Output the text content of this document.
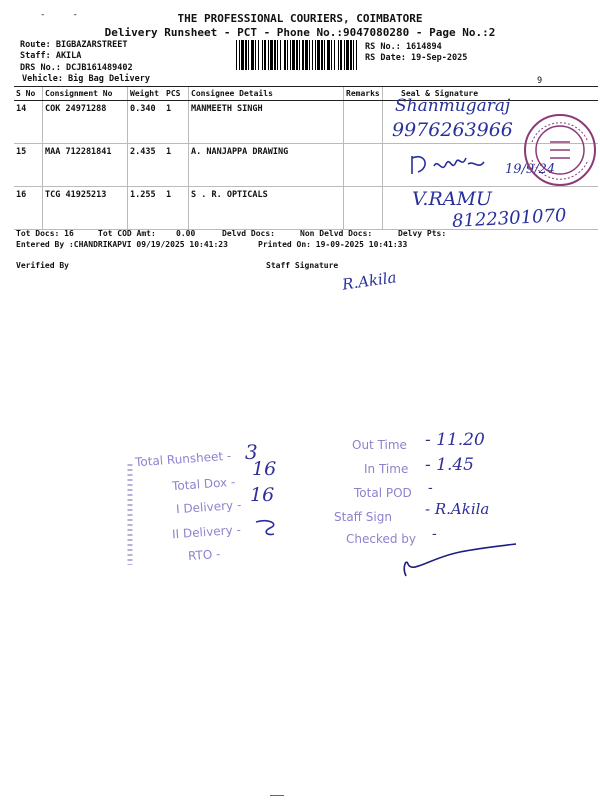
-     -	THE PROFESSIONAL COURIERS, COIMBATORE
Delivery Runsheet - PCT - Phone No.:9047080280 - Page No.:2
Route: BIGBAZARSTREET
Staff: AKILA
DRS No.: DCJB161489402
Vehicle: Big Bag Delivery
RS No.: 1614894
RS Date: 19-Sep-2025
9
S No	Consignment No	Weight	PCS	Consignee Details	Remarks	Seal & Signature
14	COK 24971288	0.340	1	MANMEETH SINGH		
15	MAA 712281841	2.435	1	A. NANJAPPA DRAWING		
16	TCG 41925213	1.255	1	S . R. OPTICALS		
Shanmugaraj
9976263966
19/9/24
V.RAMU
8122301070
Tot Docs: 16	Tot COD Amt:	0.00	Delvd Docs:	Non Delvd Docs:	Delvy Pts:
Entered By :CHANDRIKAPVI 09/19/2025 10:41:23	Printed On: 19-09-2025 10:41:33
Verified By	Staff Signature
R.Akila
Total Runsheet - 3
Total Dox -
16
I Delivery -
16
II Delivery -
RTO -
Out Time - 11.20
In Time - 1.45
Total POD -
Staff Sign - R.Akila
Checked by -
